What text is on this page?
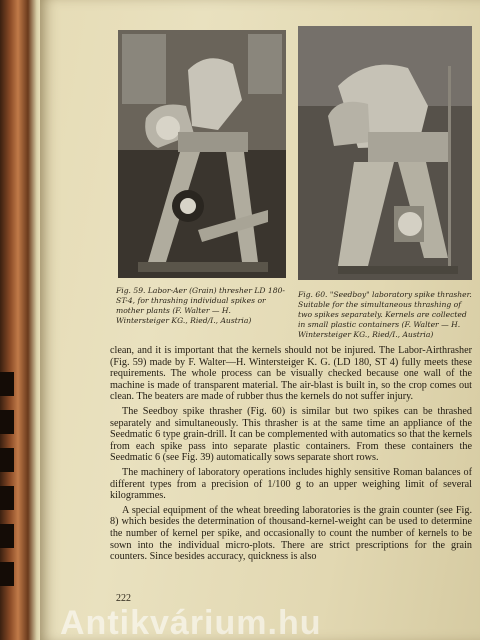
Fig. 59. Labor-Aer (Grain) thresher LD 180-ST-4, for thrashing individual spikes or mother plants (F. Walter — H. Wintersteiger KG., Ried/I., Austria)

Fig. 60. "Seedboy" laboratory spike thrasher. Suitable for the simultaneous thrashing of two spikes separately. Kernels are collected in small plastic containers (F. Walter — H. Wintersteiger KG., Ried/I., Austria)

clean, and it is important that the kernels should not be injured. The Labor-Airthrasher (Fig. 59) made by F. Walter—H. Wintersteiger K. G. (LD 180, ST 4) fully meets these requirements. The whole process can be visually checked because one wall of the machine is made of transparent material. The air-blast is built in, so the crop comes out clean. The beaters are made of rubber thus the kernels do not suffer injury.

The Seedboy spike thrasher (Fig. 60) is similar but two spikes can be thrashed separately and simultaneously. This thrasher is at the same time an appliance of the Seedmatic 6 type grain-drill. It can be complemented with automatics so that the kernels from each spike pass into separate plastic containers. From these containers the Seedmatic 6 (see Fig. 39) automatically sows separate short rows.

The machinery of laboratory operations includes highly sensitive Roman balances of different types from a precision of 1/100 g to an upper weighing limit of several kilogrammes.

A special equipment of the wheat breeding laboratories is the grain counter (see Fig. 8) which besides the determination of thousand-kernel-weight can be used to determine the number of kernel per spike, and occasionally to count the number of kernels to be sown into the individual micro-plots. There are strict prescriptions for the grain counters. Since besides accuracy, quickness is also

222
Antikvárium.hu
